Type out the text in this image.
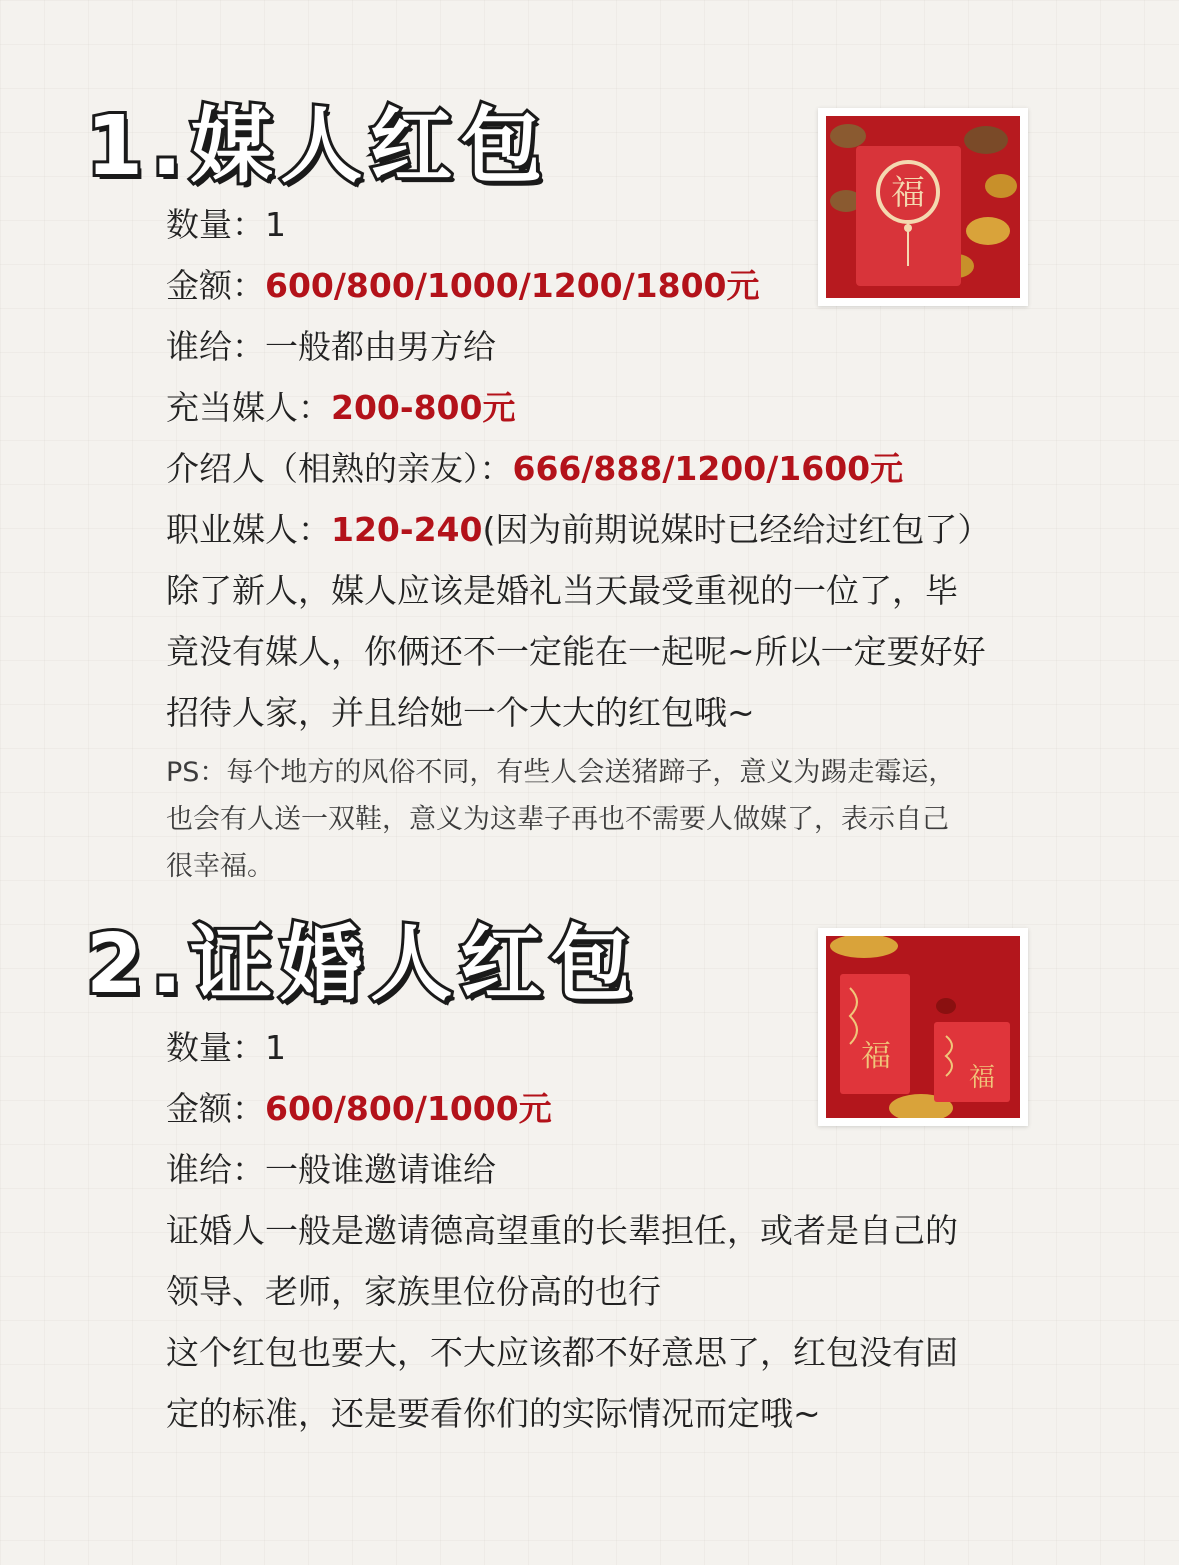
1.媒人红包	福
数量：1
金额：600/800/1000/1200/1800元
谁给：一般都由男方给
充当媒人：200-800元
介绍人（相熟的亲友）：666/888/1200/1600元
职业媒人：120-240(因为前期说媒时已经给过红包了）
除了新人，媒人应该是婚礼当天最受重视的一位了，毕
竟没有媒人，你俩还不一定能在一起呢~所以一定要好好
招待人家，并且给她一个大大的红包哦~
PS：每个地方的风俗不同，有些人会送猪蹄子，意义为踢走霉运，
也会有人送一双鞋，意义为这辈子再也不需要人做媒了，表示自己
很幸福。
2.证婚人红包
福
福
数量：1
金额：600/800/1000元
谁给：一般谁邀请谁给
证婚人一般是邀请德高望重的长辈担任，或者是自己的
领导、老师，家族里位份高的也行
这个红包也要大，不大应该都不好意思了，红包没有固
定的标准，还是要看你们的实际情况而定哦~
